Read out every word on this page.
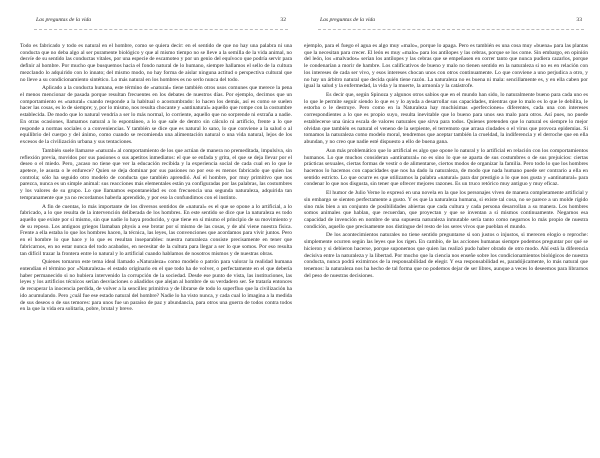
Las preguntas de la vida	32

Todo es fabricado y todo es natural en el hombre, como se quiera decir: en el sentido de que no hay una palabra ni una conducta que no deba algo al ser puramente biológico y que al mismo tiempo no se lleve a la semilla de la vida animal, no desvíe de su sentido las conductas vitales, por una especie de escamoteo y por un genio del equívoco que podría servir para definir al hombre. Por mucho que busquemos hacia el fondo natural de lo humano, siempre hallamos el sello de la cultura mezclando lo adquirido con lo innato; del mismo modo, no hay forma de aislar ninguna actitud o perspectiva cultural que no lleve a su condicionamiento sintético. Lo más natural en los hombres es no serlo nunca del todo.

Aplicado a la conducta humana, este término de «natural» tiene también otros usos comunes que merece la pena el menos mencionar de pasada porque resultan frecuentes en los debates de nuestros días. Por ejemplo, decimos que un comportamiento es «natural» cuando responde a la habitual o acostumbrado: lo hacen los demás, así es como se suelen hacer las cosas, es lo de siempre; y, por lo mismo, nos resulta chocante y «antinatural» aquello que rompe con la costumbre establecida. De modo que lo natural vendría a ser lo más normal, lo corriente, aquello que no sorprende ni extraña a nadie. En otras ocasiones, llamamos natural a lo espontáneo, a lo que sale de dentro sin cálculo ni artificio, frente a lo que responde a normas sociales o a conveniencias. Y también se dice que es natural lo sano, lo que conviene a la salud o al equilibrio del cuerpo y del ánimo, como cuando se recomienda una alimentación natural o una vida natural, lejos de los excesos de la civilización urbana y sus tentaciones.

También suele llamarse «natural» al comportamiento de los que actúan de manera no premeditada, impulsiva, sin reflexión previa, movidos por sus pasiones o sus apetitos inmediatos: el que se enfada y grita, el que se deja llevar por el deseo o el miedo. Pero, ¿acaso no tiene que ver la educación recibida y la experiencia social de cada cual en lo que le apetece, le asusta o le enfurece? Quien se deja dominar por sus pasiones no por eso es menos fabricado que quien las controla; sólo ha seguido otro modelo de conducta que también aprendió. Así el hombre, por muy primitivo que nos parezca, nunca es un simple animal: sus reacciones más elementales están ya configuradas por las palabras, las costumbres y los valores de su grupo. Lo que llamamos espontaneidad es con frecuencia una segunda naturaleza, adquirida tan tempranamente que ya no recordamos haberla aprendido, y por eso la confundimos con el instinto.

A fin de cuentas, lo más importante de los diversos sentidos de «natural» es el que se opone a lo artificial, a lo fabricado, a lo que resulta de la intervención deliberada de los hombres. En este sentido se dice que la naturaleza es todo aquello que existe por sí mismo, sin que nadie lo haya producido, y que tiene en sí mismo el principio de su movimiento y de su reposo. Los antiguos griegos llamaban physis a ese brotar por sí mismo de las cosas, y de ahí viene nuestra física. Frente a ella estaba lo que los hombres hacen, la técnica, las leyes, las convenciones que acordamos para vivir juntos. Pero en el hombre lo que hace y lo que es resultan inseparables: nuestra naturaleza consiste precisamente en tener que fabricarnos, en no estar nunca del todo acabados, en necesitar de la cultura para llegar a ser lo que somos. Por eso resulta tan difícil trazar la frontera entre lo natural y lo artificial cuando hablamos de nosotros mismos y de nuestras obras.

Quienes tomaron este tema ideal llamado «Naturaleza» como modelo o patrón para valorar la realidad humana entendían el término por «Naturaleza» el estado originario en el que todo ha de volver, o perfectamente en el que debería haber permanecido si no hubiera intervenido la corrupción de la sociedad. Desde ese punto de vista, las instituciones, las leyes y los artificios técnicos serían desviaciones o añadidos que alejan al hombre de su verdadero ser. Se trataría entonces de recuperar la inocencia perdida, de volver a la sencillez primitiva y de librarse de todo lo superfluo que la civilización ha ido acumulando. Pero ¿cuál fue ese estado natural del hombre? Nadie lo ha visto nunca, y cada cual lo imagina a la medida de sus deseos o de sus temores: para unos fue un paraíso de paz y abundancia, para otros una guerra de todos contra todos en la que la vida era solitaria, pobre, brutal y breve.

Las preguntas de la vida	33

ejemplo, para el fuego el agua es algo muy «malo», porque lo apaga. Pero es también es una cosa muy «buena» para las plantas que la necesitan para crecer. El león es muy «malo» para los antílopes y las cebras, porque se los come. Sin embargo, en opinión del león, los «malvados» serían los antílopes y las cebras que se empeñasen en correr tanto que nunca pudiera cazarlos, porque le condenarían a morir de hambre. Los calificativos de bueno y malo no tienen sentido en la naturaleza si no es en relación con los intereses de cada ser vivo, y esos intereses chocan unos con otros continuamente. Lo que conviene a uno perjudica a otro, y no hay un árbitro natural que decida quién tiene razón. La naturaleza no es buena ni mala: sencillamente es, y en ella caben por igual la salud y la enfermedad, la vida y la muerte, la armonía y la catástrofe.

Es decir que, según Spinoza y algunos otros sabios que en el mundo han sido, lo naturalmente bueno para cada uno es lo que le permite seguir siendo lo que es y lo ayuda a desarrollar sus capacidades, mientras que lo malo es lo que le debilita, le estorba o le destruye. Pero como en la Naturaleza hay muchísimas «perfecciones» diferentes, cada una con intereses correspondientes a lo que es propio suyo, resulta inevitable que lo bueno para unos sea malo para otros. Así pues, no puede establecerse una única escala de valores naturales que sirva para todos. Quienes pretenden que lo natural es siempre lo mejor olvidan que también es natural el veneno de la serpiente, el terremoto que arrasa ciudades o el virus que provoca epidemias. Si tomamos la naturaleza como modelo moral, tendremos que aceptar también la crueldad, la indiferencia y el derroche que en ella abundan, y no creo que nadie esté dispuesto a ello de buena gana.

Aun más problemático que lo artificial es algo que opone lo natural y lo artificial en relación con los comportamientos humanos. Lo que muchos consideran «antinatural» no es sino lo que se aparta de sus costumbres o de sus prejuicios: ciertas prácticas sexuales, ciertas formas de vestir o de alimentarse, ciertos modos de organizar la familia. Pero todo lo que los hombres hacemos lo hacemos con capacidades que nos ha dado la naturaleza, de modo que nada humano puede ser contrario a ella en sentido estricto. Lo que ocurre es que utilizamos la palabra «natural» para dar prestigio a lo que nos gusta y «antinatural» para condenar lo que nos disgusta, sin tener que ofrecer mejores razones. Es un truco retórico muy antiguo y muy eficaz.

El humor de Julio Verne lo expresó en una novela en la que los personajes viven de manera completamente artificial y sin embargo se sienten perfectamente a gusto. Y es que la naturaleza humana, si existe tal cosa, no se parece a un molde rígido sino más bien a un conjunto de posibilidades abiertas que cada cultura y cada persona desarrollan a su manera. Los hombres somos animales que hablan, que recuerdan, que proyectan y que se inventan a sí mismos continuamente. Negarnos esa capacidad de invención en nombre de una supuesta naturaleza inmutable sería tanto como negarnos lo más propio de nuestra condición, aquello que precisamente nos distingue del resto de los seres vivos que pueblan el mundo.

De los acontecimientos naturales no tiene sentido preguntarse si son justos o injustos, si merecen elogio o reproche: simplemente ocurren según las leyes que los rigen. En cambio, de las acciones humanas siempre podemos preguntar por qué se hicieron y si debieron hacerse, porque suponemos que quien las realizó pudo haber obrado de otro modo. Ahí está la diferencia decisiva entre la naturaleza y la libertad. Por mucho que la ciencia nos enseñe sobre los condicionamientos biológicos de nuestra conducta, nunca podrá eximirnos de la responsabilidad de elegir. Y esa responsabilidad es, paradójicamente, lo más natural que tenemos: la naturaleza nos ha hecho de tal forma que no podemos dejar de ser libres, aunque a veces lo deseemos para librarnos del peso de nuestras decisiones.
